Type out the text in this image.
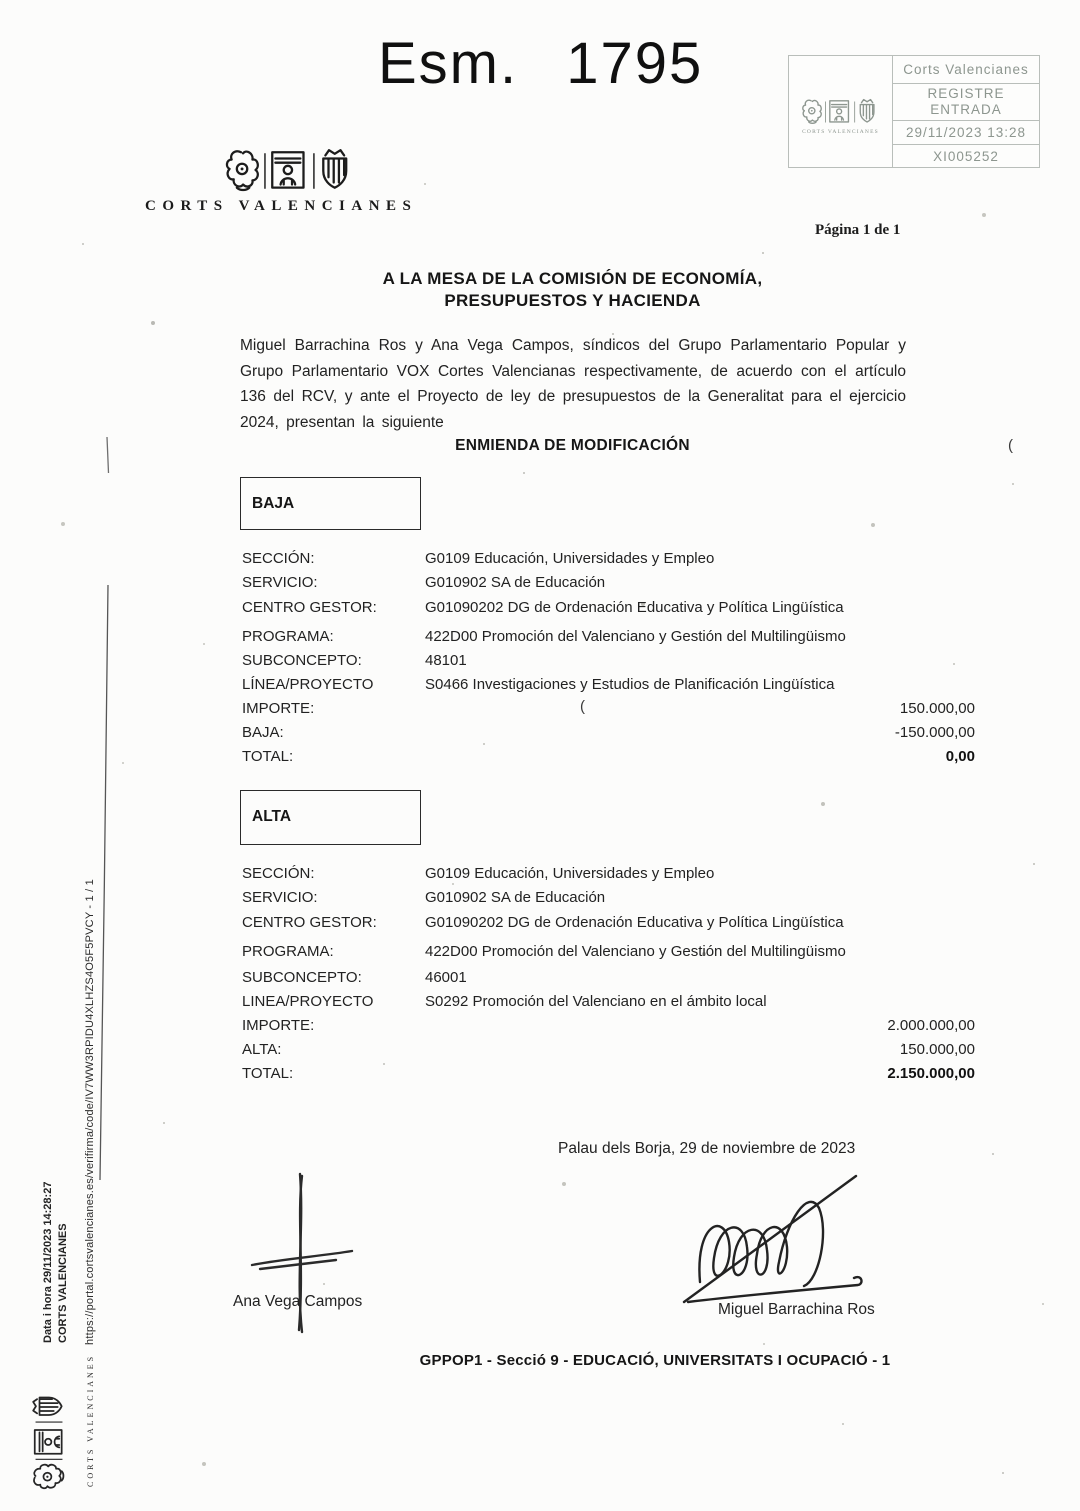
Esm. 1795
CORTS VALENCIANES
Corts Valencianes
REGISTRE
ENTRADA
29/11/2023 13:28
XI005252
CORTS VALENCIANES
Página 1 de 1
A LA MESA DE LA COMISIÓN DE ECONOMÍA,
PRESUPUESTOS Y HACIENDA

Miguel Barrachina Ros y Ana Vega Campos, síndicos del Grupo Parlamentario Popular y Grupo Parlamentario VOX Cortes Valencianas respectivamente, de acuerdo con el artículo 136 del RCV, y ante el Proyecto de ley de presupuestos de la Generalitat para el ejercicio 2024, presentan la siguiente

ENMIENDA DE MODIFICACIÓN
BAJA
SECCIÓN:	G0109 Educación, Universidades y Empleo
SERVICIO:	G010902 SA de Educación
CENTRO GESTOR:	G01090202 DG de Ordenación Educativa y Política Lingüística
PROGRAMA:	422D00 Promoción del Valenciano y Gestión del Multilingüismo
SUBCONCEPTO:	48101
LÍNEA/PROYECTO	S0466 Investigaciones y Estudios de Planificación Lingüística
IMPORTE:	150.000,00
BAJA:	-150.000,00
TOTAL:	0,00
ALTA
SECCIÓN:	G0109 Educación, Universidades y Empleo
SERVICIO:	G010902 SA de Educación
CENTRO GESTOR:	G01090202 DG de Ordenación Educativa y Política Lingüística
PROGRAMA:	422D00 Promoción del Valenciano y Gestión del Multilingüismo
SUBCONCEPTO:	46001
LINEA/PROYECTO	S0292 Promoción del Valenciano en el ámbito local
IMPORTE:	2.000.000,00
ALTA:	150.000,00
TOTAL:	2.150.000,00
Palau dels Borja, 29 de noviembre de 2023
Ana Vega Campos	Miguel Barrachina Ros
GPPOP1 - Secció 9 - EDUCACIÓ, UNIVERSITATS I OCUPACIÓ - 1
Data i hora 29/11/2023 14:28:27 CORTS VALENCIANES https://portal.cortsvalencianes.es/verifirma/code/IV7WW3RPIDU4XLHZS4O5F5PVCY - 1 / 1
CORTS VALENCIANES
(
(
